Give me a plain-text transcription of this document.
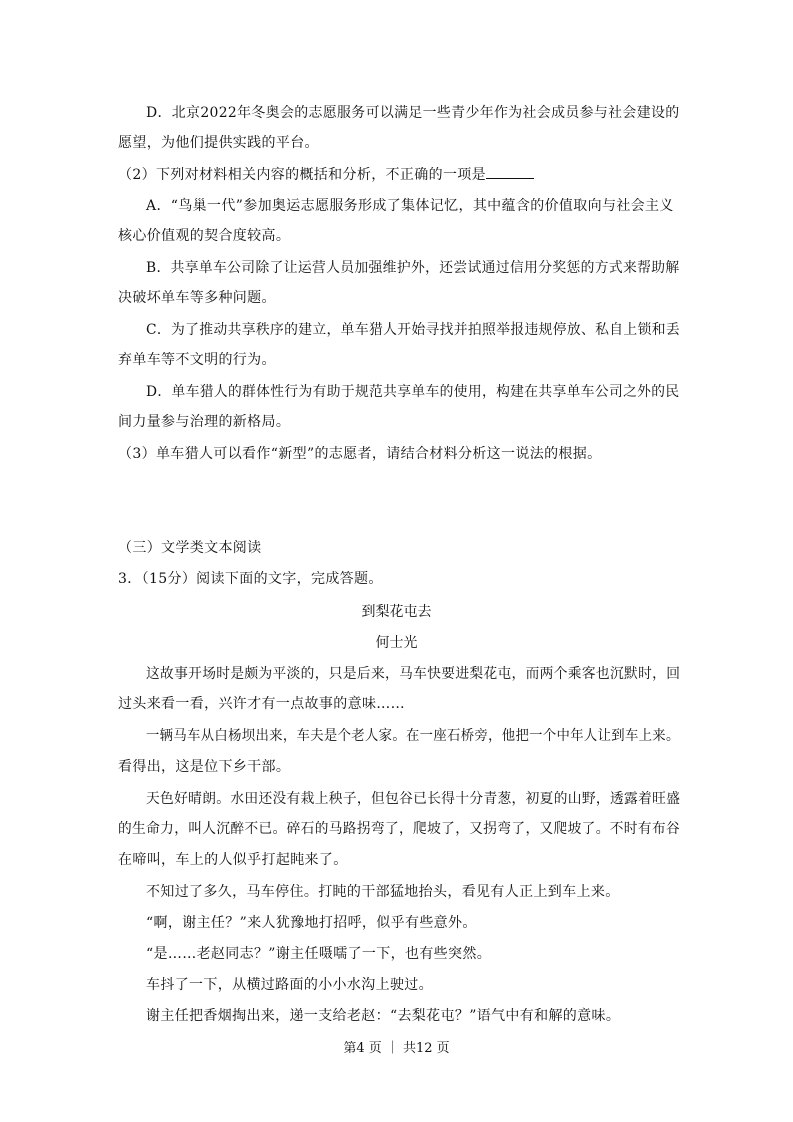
D．北京2022年冬奥会的志愿服务可以满足一些青少年作为社会成员参与社会建设的
愿望，为他们提供实践的平台。
（2）下列对材料相关内容的概括和分析，不正确的一项是
A．“鸟巢一代”参加奥运志愿服务形成了集体记忆，其中蕴含的价值取向与社会主义
核心价值观的契合度较高。
B．共享单车公司除了让运营人员加强维护外，还尝试通过信用分奖惩的方式来帮助解
决破坏单车等多种问题。
C．为了推动共享秩序的建立，单车猎人开始寻找并拍照举报违规停放、私自上锁和丢
弃单车等不文明的行为。
D．单车猎人的群体性行为有助于规范共享单车的使用，构建在共享单车公司之外的民
间力量参与治理的新格局。
（3）单车猎人可以看作“新型”的志愿者，请结合材料分析这一说法的根据。
（三）文学类文本阅读
3．（15分）阅读下面的文字，完成答题。
到梨花屯去
何士光
这故事开场时是颇为平淡的，只是后来，马车快要进梨花屯，而两个乘客也沉默时，回
过头来看一看，兴许才有一点故事的意味……
一辆马车从白杨坝出来，车夫是个老人家。在一座石桥旁，他把一个中年人让到车上来。
看得出，这是位下乡干部。
天色好晴朗。水田还没有栽上秧子，但包谷已长得十分青葱，初夏的山野，透露着旺盛
的生命力，叫人沉醉不已。碎石的马路拐弯了，爬坡了，又拐弯了，又爬坡了。不时有布谷
在啼叫，车上的人似乎打起盹来了。
不知过了多久，马车停住。打盹的干部猛地抬头，看见有人正上到车上来。
“啊，谢主任？”来人犹豫地打招呼，似乎有些意外。
“是……老赵同志？”谢主任嗫嚅了一下，也有些突然。
车抖了一下，从横过路面的小小水沟上驶过。
谢主任把香烟掏出来，递一支给老赵：“去梨花屯？”语气中有和解的意味。
第4 页 ｜ 共12 页
